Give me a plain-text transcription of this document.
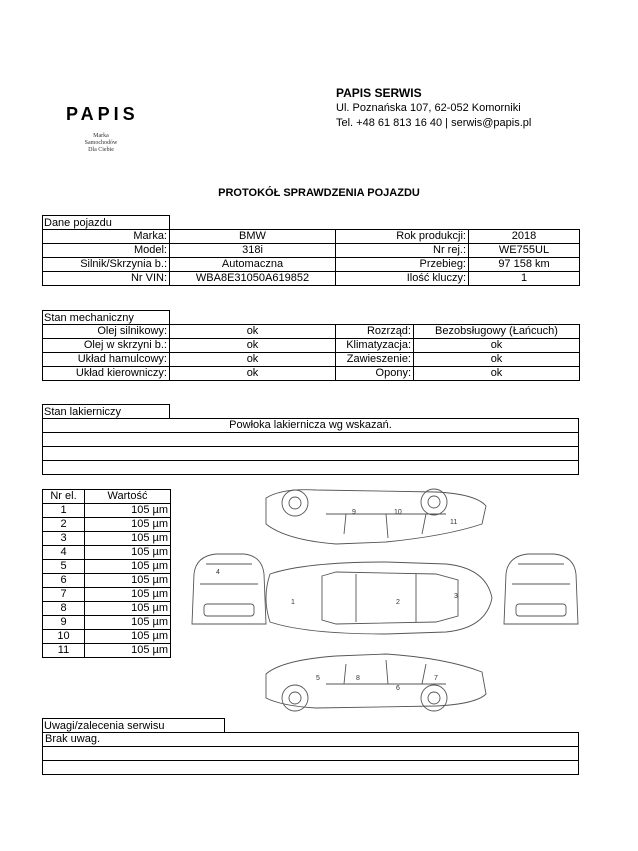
PAPIS
Marka
Samochodów
Dla Ciebie
PAPIS SERWIS
Ul. Poznańska 107, 62-052 Komorniki
Tel. +48 61 813 16 40 | serwis@papis.pl
PROTOKÓŁ SPRAWDZENIA POJAZDU
Dane pojazdu
Marka:	BMW	Rok produkcji:	2018
Model:	318i	Nr rej.:	WE755UL
Silnik/Skrzynia b.:	Automaczna	Przebieg:	97 158 km
Nr VIN:	WBA8E31050A619852	Ilość kluczy:	1
Stan mechaniczny
Olej silnikowy:	ok	Rozrząd:	Bezobsługowy (Łańcuch)
Olej w skrzyni b.:	ok	Klimatyzacja:	ok
Układ hamulcowy:	ok	Zawieszenie:	ok
Układ kierowniczy:	ok	Opony:	ok
Stan lakierniczy
Powłoka lakiernicza wg wskazań.

Nr el.	Wartość
1	105 µm
2	105 µm
3	105 µm
4	105 µm
5	105 µm
6	105 µm
7	105 µm
8	105 µm
9	105 µm
10	105 µm
11	105 µm
1	2
3
4
5
6
7
8
9	10
11
Uwagi/zalecenia serwisu
Brak uwag.
